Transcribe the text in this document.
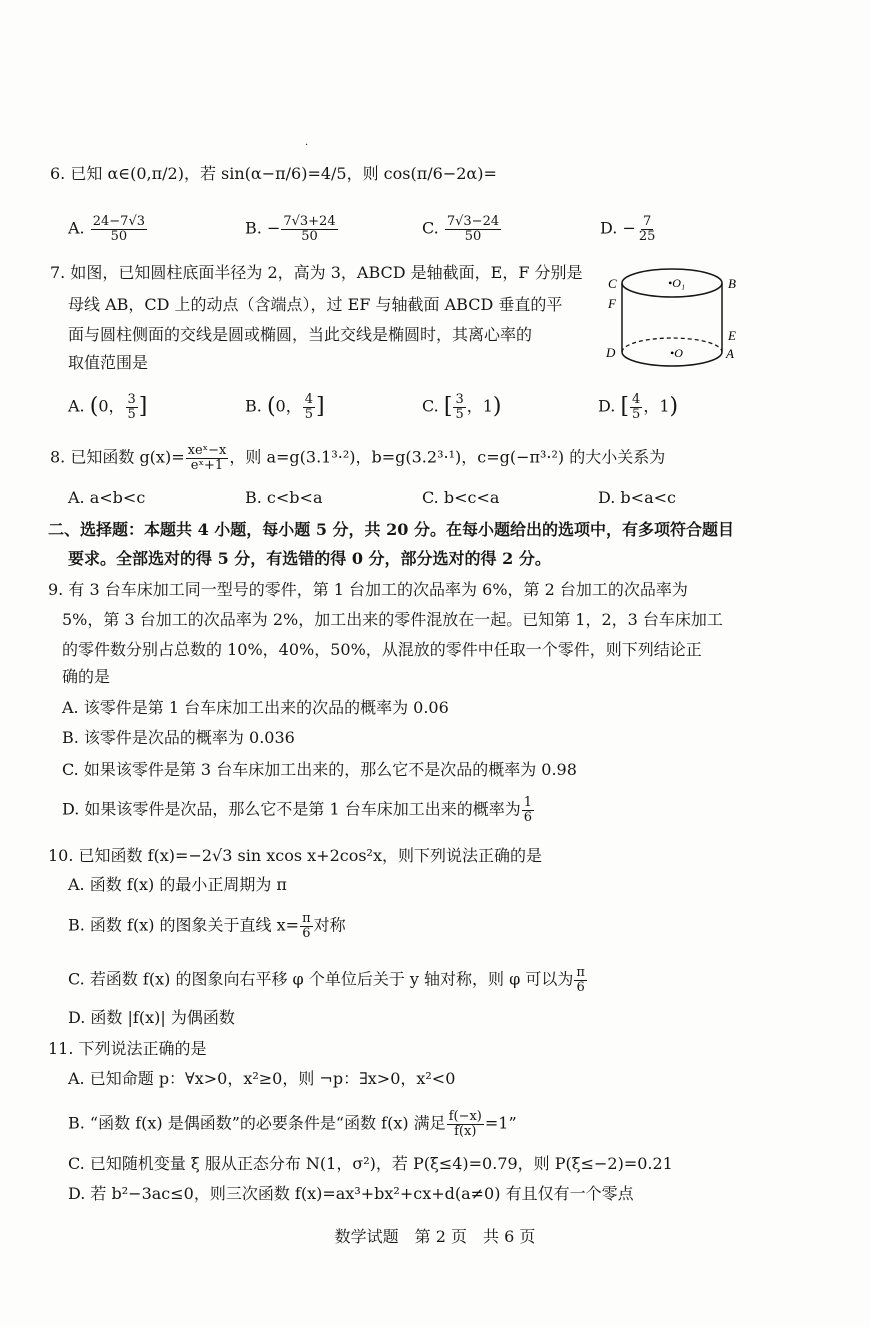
·
6. 已知 α∈(0,π/2)，若 sin(α−π/6)=4/5，则 cos(π/6−2α)=
A. $\frac{24-7√3}{50}$	B. − $\frac{7√3+24}{50}$	C. $\frac{7√3-24}{50}$	D. − $\frac{7}{25}$
7. 如图，已知圆柱底面半径为 2，高为 3，ABCD 是轴截面，E，F 分别是
母线 AB，CD 上的动点（含端点），过 EF 与轴截面 ABCD 垂直的平
面与圆柱侧面的交线是圆或椭圆，当此交线是椭圆时，其离心率的
取值范围是
C	B
F
E
D	A
•O₁
•O
A. (0， $\frac{3}{5}$ ]	B. (0， $\frac{4}{5}$ ]	C. [ $\frac{3}{5}$ ，1)	D. [ $\frac{4}{5}$ ，1)
8. 已知函数 $g(x)= \frac{\text{xeˣ−x}}{\text{eˣ+1}}$ ，则 a=g(3.1³·²)，b=g(3.2³·¹)，c=g(−π³·²) 的大小关系为
A. a<b<c	B. c<b<a	C. b<c<a	D. b<a<c
二、选择题：本题共 4 小题，每小题 5 分，共 20 分。在每小题给出的选项中，有多项符合题目
要求。全部选对的得 5 分，有选错的得 0 分，部分选对的得 2 分。
9. 有 3 台车床加工同一型号的零件，第 1 台加工的次品率为 6%，第 2 台加工的次品率为
5%，第 3 台加工的次品率为 2%，加工出来的零件混放在一起。已知第 1，2，3 台车床加工
的零件数分别占总数的 10%，40%，50%，从混放的零件中任取一个零件，则下列结论正
确的是
A. 该零件是第 1 台车床加工出来的次品的概率为 0.06
B. 该零件是次品的概率为 0.036
C. 如果该零件是第 3 台车床加工出来的，那么它不是次品的概率为 0.98
D. 如果该零件是次品，那么它不是第 1 台车床加工出来的概率为 $\frac{1}{6}$
10. 已知函数 f(x)=−2√3 sin xcos x+2cos²x，则下列说法正确的是
A. 函数 f(x) 的最小正周期为 π
B. 函数 f(x) 的图象关于直线 $x= \frac{\pi}{6}$ 对称
C. 若函数 f(x) 的图象向右平移 φ 个单位后关于 y 轴对称，则 φ 可以为 $\frac{\pi}{6}$
D. 函数 |f(x)| 为偶函数
11. 下列说法正确的是
A. 已知命题 p：∀x>0，x²≥0，则 ¬p：∃x>0，x²<0
B. “函数 f(x) 是偶函数”的必要条件是“函数 f(x) 满足 $\frac{f(-x)}{f(x)} =1$”
C. 已知随机变量 ξ 服从正态分布 N(1，σ²)，若 P(ξ≤4)=0.79，则 P(ξ≤−2)=0.21
D. 若 b²−3ac≤0，则三次函数 f(x)=ax³+bx²+cx+d(a≠0) 有且仅有一个零点
数学试题　第 2 页　共 6 页
